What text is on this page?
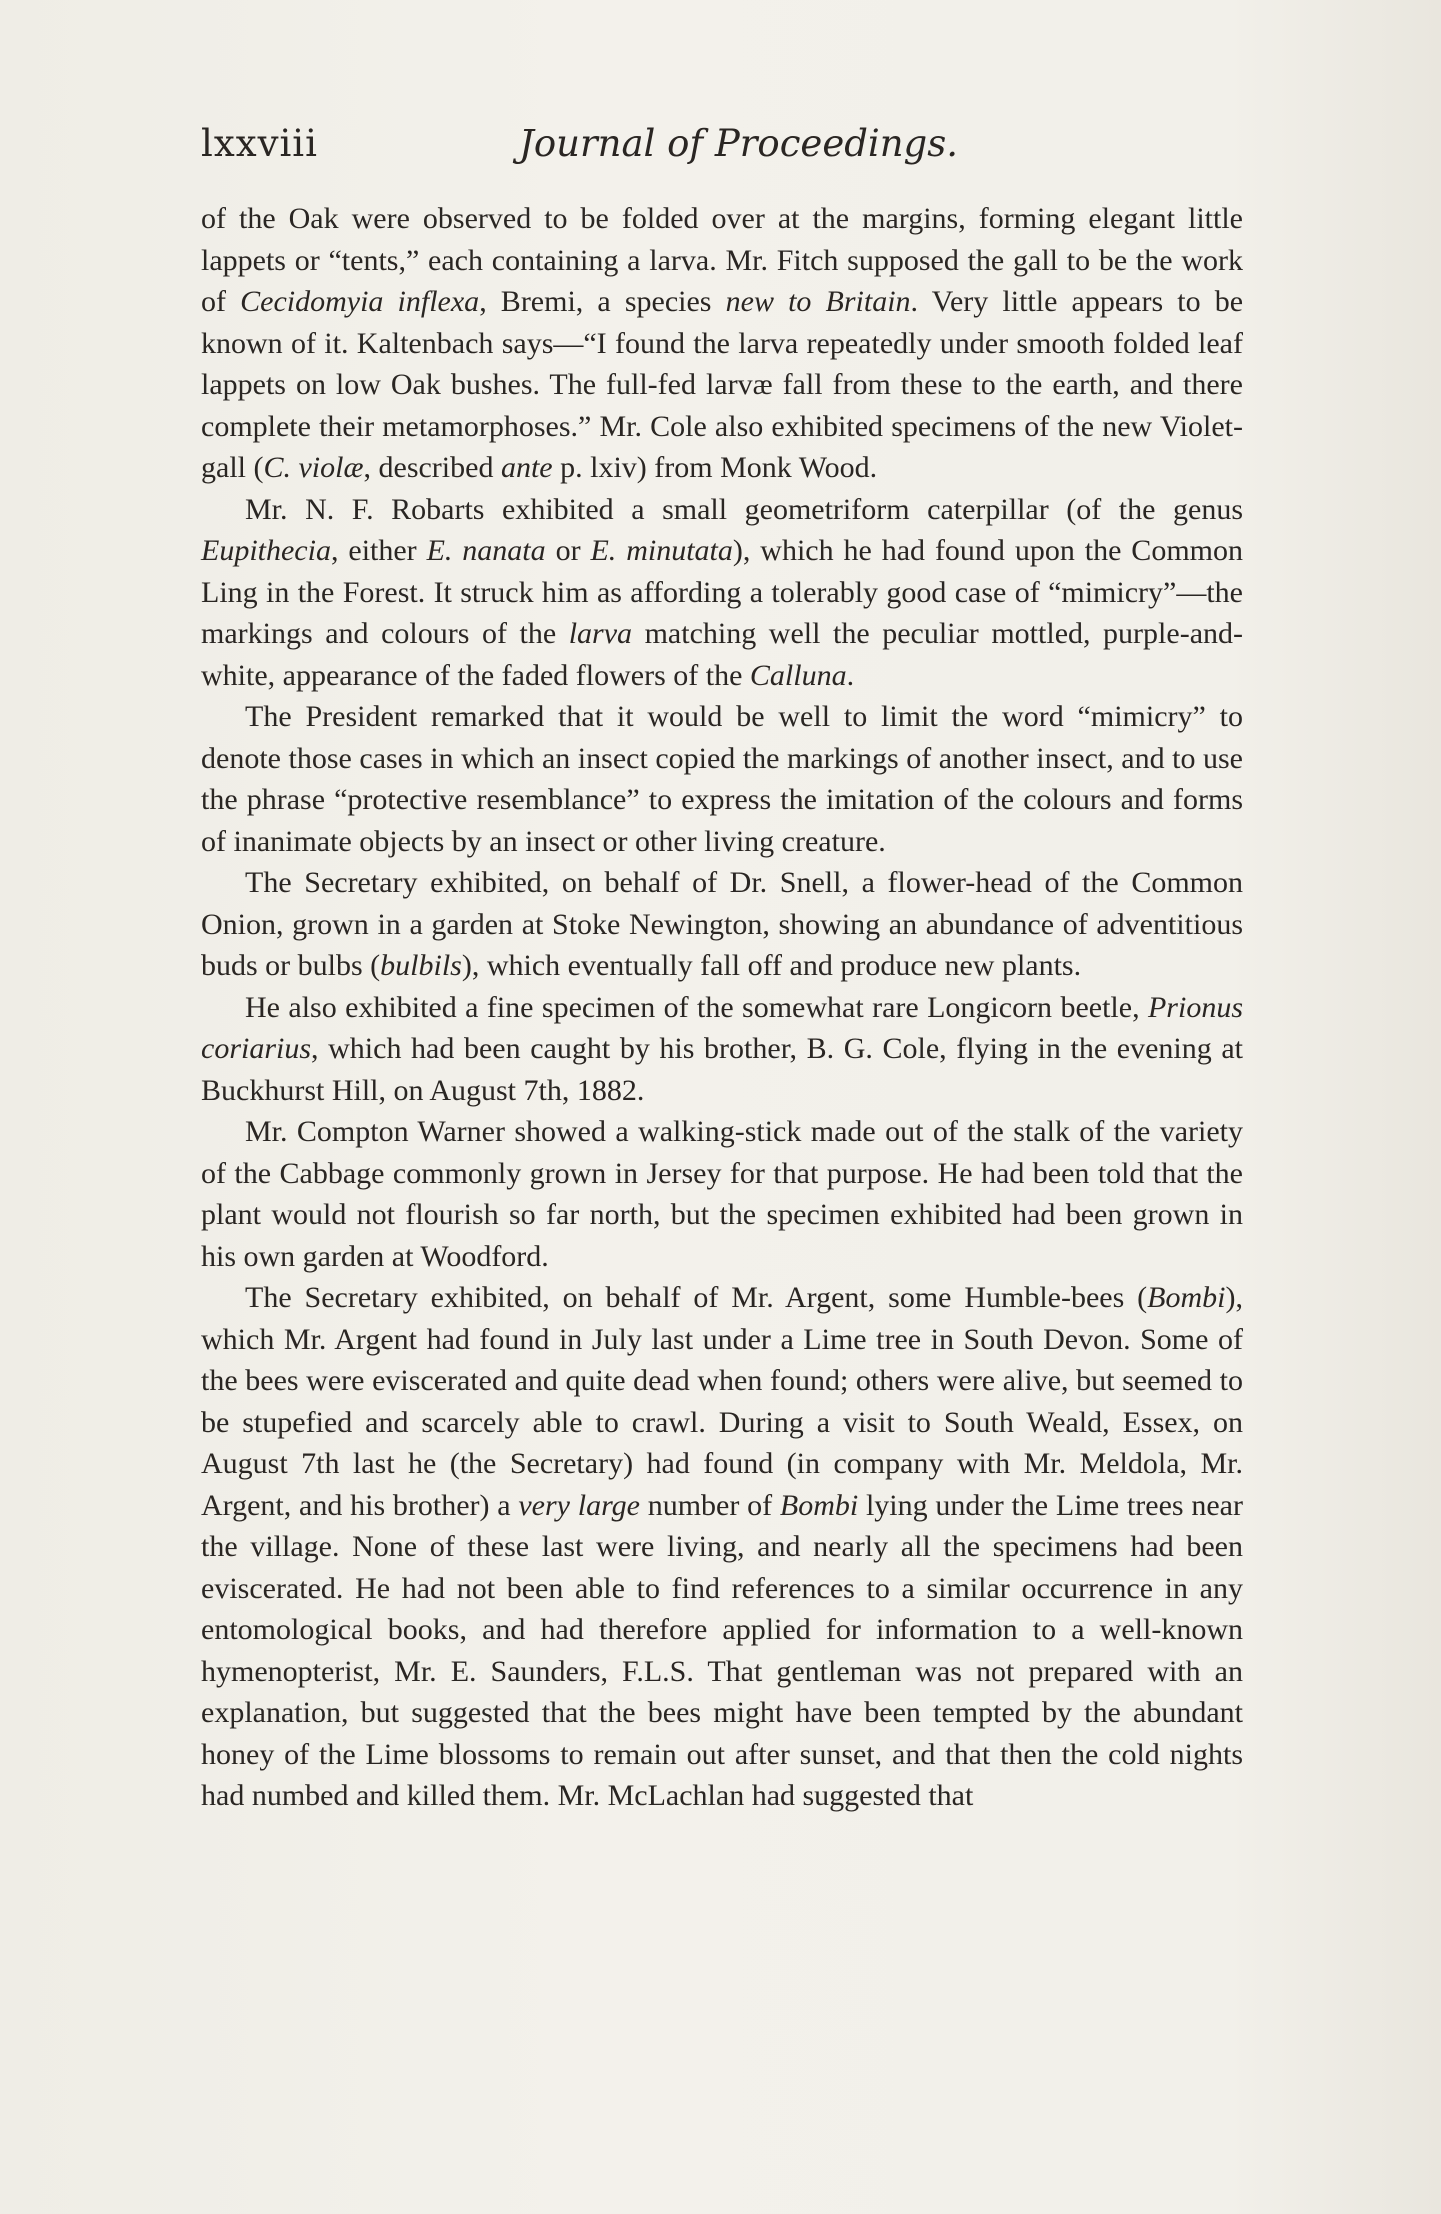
lxxviii	Journal of Proceedings.

of the Oak were observed to be folded over at the margins, forming elegant little lappets or “tents,” each containing a larva. Mr. Fitch supposed the gall to be the work of Cecidomyia inflexa, Bremi, a species new to Britain. Very little appears to be known of it. Kaltenbach says—“I found the larva repeatedly under smooth folded leaf lappets on low Oak bushes. The full-fed larvæ fall from these to the earth, and there complete their metamorphoses.” Mr. Cole also exhibited specimens of the new Violet-gall (C. violæ, described ante p. lxiv) from Monk Wood.

Mr. N. F. Robarts exhibited a small geometriform caterpillar (of the genus Eupithecia, either E. nanata or E. minutata), which he had found upon the Common Ling in the Forest. It struck him as affording a tolerably good case of “mimicry”—the markings and colours of the larva matching well the peculiar mottled, purple-and-white, appearance of the faded flowers of the Calluna.

The President remarked that it would be well to limit the word “mimicry” to denote those cases in which an insect copied the markings of another insect, and to use the phrase “protective resemblance” to express the imitation of the colours and forms of inanimate objects by an insect or other living creature.

The Secretary exhibited, on behalf of Dr. Snell, a flower-head of the Common Onion, grown in a garden at Stoke Newington, showing an abundance of adventitious buds or bulbs (bulbils), which eventually fall off and produce new plants.

He also exhibited a fine specimen of the somewhat rare Longicorn beetle, Prionus coriarius, which had been caught by his brother, B. G. Cole, flying in the evening at Buckhurst Hill, on August 7th, 1882.

Mr. Compton Warner showed a walking-stick made out of the stalk of the variety of the Cabbage commonly grown in Jersey for that purpose. He had been told that the plant would not flourish so far north, but the specimen exhibited had been grown in his own garden at Woodford.

The Secretary exhibited, on behalf of Mr. Argent, some Humble-bees (Bombi), which Mr. Argent had found in July last under a Lime tree in South Devon. Some of the bees were eviscerated and quite dead when found; others were alive, but seemed to be stupefied and scarcely able to crawl. During a visit to South Weald, Essex, on August 7th last he (the Secretary) had found (in company with Mr. Meldola, Mr. Argent, and his brother) a very large number of Bombi lying under the Lime trees near the village. None of these last were living, and nearly all the specimens had been eviscerated. He had not been able to find references to a similar occurrence in any entomological books, and had therefore applied for information to a well-known hymenopterist, Mr. E. Saunders, F.L.S. That gentleman was not prepared with an explanation, but suggested that the bees might have been tempted by the abundant honey of the Lime blossoms to remain out after sunset, and that then the cold nights had numbed and killed them. Mr. McLachlan had suggested that
